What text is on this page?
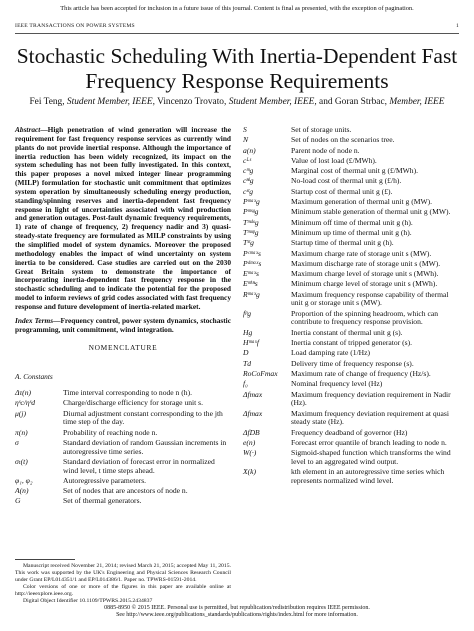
This article has been accepted for inclusion in a future issue of this journal. Content is final as presented, with the exception of pagination.
IEEE TRANSACTIONS ON POWER SYSTEMS	1
Stochastic Scheduling With Inertia-Dependent Fast
Frequency Response Requirements
Fei Teng, Student Member, IEEE, Vincenzo Trovato, Student Member, IEEE, and Goran Strbac, Member, IEEE
Abstract—High penetration of wind generation will increase the requirement for fast frequency response services as currently wind plants do not provide inertial response. Although the importance of inertia reduction has been widely recognized, its impact on the system scheduling has not been fully investigated. In this context, this paper proposes a novel mixed integer linear programming (MILP) formulation for stochastic unit commitment that optimizes system operation by simultaneously scheduling energy production, standing/spinning reserves and inertia-dependent fast frequency response in light of uncertainties associated with wind production and generation outages. Post-fault dynamic frequency requirements, 1) rate of change of frequency, 2) frequency nadir and 3) quasi-steady-state frequency are formulated as MILP constraints by using the simplified model of system dynamics. Moreover the proposed methodology enables the impact of wind uncertainty on system inertia to be considered. Case studies are carried out on the 2030 Great Britain system to demonstrate the importance of incorporating inertia-dependent fast frequency response in the stochastic scheduling and to indicate the potential for the proposed model to inform reviews of grid codes associated with fast frequency response and future development of inertia-related market.
Index Terms—Frequency control, power system dynamics, stochastic programming, unit commitment, wind integration.
NOMENCLATURE
A. Constants
Δτ(n)	Time interval corresponding to node n (h).
ηˢc/ηˢd	Charge/discharge efficiency for storage unit s.
μ(j)	Diurnal adjustment constant corresponding to the jth time step of the day.
π(n)	Probability of reaching node n.
σ	Standard deviation of random Gaussian increments in autoregressive time series.
σₜ(t)	Standard deviation of forecast error in normalized wind level, t time steps ahead.
φ₁, φ₂	Autoregressive parameters.
A(n)	Set of nodes that are ancestors of node n.
G	Set of thermal generators.

Manuscript received November 21, 2014; revised March 21, 2015; accepted May 11, 2015. This work was supported by the UK's Engineering and Physical Sciences Research Council under Grant EP/L014351/1 and EP/L014386/1. Paper no. TPWRS-01591-2014.

Color versions of one or more of the figures in this paper are available online at http://ieeexplore.ieee.org.

Digital Object Identifier 10.1109/TPWRS.2015.2434837

S	Set of storage units.
N	Set of nodes on the scenarios tree.
a(n)	Parent node of node n.
cᴸˢ	Value of lost load (£/MWh).
cᵐg	Marginal cost of thermal unit g (£/MWh).
cⁿˡg	No-load cost of thermal unit g (£/h).
cˢᵗg	Startup cost of thermal unit g (£).
Pᵐᵃˣg	Maximum generation of thermal unit g (MW).
Pᵐˢᵍg	Minimum stable generation of thermal unit g (MW).
Tᵐᵈᵒg	Minimum off time of thermal unit g (h).
Tᵐᵘᵖg	Minimum up time of thermal unit g (h).
Tˢᵗg	Startup time of thermal unit g (h).
Pᶜᵐᵃˣs	Maximum charge rate of storage unit s (MW).
Pᵈᵐᵃˣs	Maximum discharge rate of storage unit s (MW).
Eᵐᵃˣs	Maximum charge level of storage unit s (MWh).
Eᵐⁱⁿs	Minimum charge level of storage unit s (MWh).
Rᵐᵃˣg	Maximum frequency response capability of thermal unit g or storage unit s (MW).
fᵖg	Proportion of the spinning headroom, which can contribute to frequency response provision.
Hg	Inertia constant of thermal unit g (s).
Hᵐᵃˣf	Inertia constant of tripped generator (s).
D	Load damping rate (1/Hz)
Td	Delivery time of frequency response (s).
RoCoFmax Maximum rate of change of frequency (Hz/s).
f₀	Nominal frequency level (Hz)
Δfmax	Maximum frequency deviation requirement in Nadir (Hz).
Δfmax	Maximum frequency deviation requirement at quasi steady state (Hz).
ΔfDB	Frequency deadband of governor (Hz)
e(n)	Forecast error quantile of branch leading to node n.
W(·)	Sigmoid-shaped function which transforms the wind level to an aggregated wind output.
X(k)	kth element in an autoregressive time series which represents normalized wind level.
0885-8950 © 2015 IEEE. Personal use is permitted, but republication/redistribution requires IEEE permission.
See http://www.ieee.org/publications_standards/publications/rights/index.html for more information.
